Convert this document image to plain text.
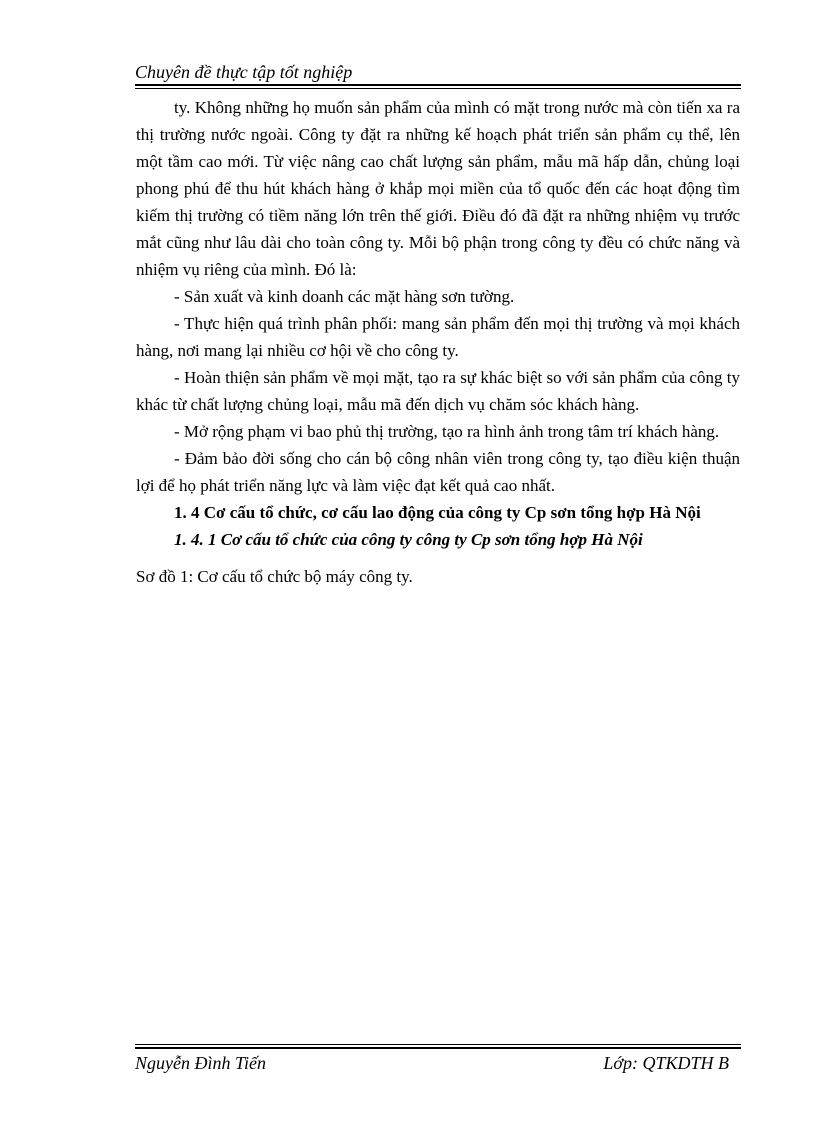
Chuyên đề thực tập tốt nghiệp

ty. Không những họ muốn sản phẩm của mình có mặt trong nước mà còn tiến xa ra thị trường nước ngoài. Công ty đặt ra những kế hoạch phát triển sản phẩm cụ thể, lên một tầm cao mới. Từ việc nâng cao chất lượng sản phẩm, mẫu mã hấp dẫn, chủng loại phong phú để thu hút khách hàng ở khắp mọi miền của tổ quốc đến các hoạt động tìm kiếm thị trường có tiềm năng lớn trên thế giới. Điều đó đã đặt ra những nhiệm vụ trước mắt cũng như lâu dài cho toàn công ty. Mỗi bộ phận trong công ty đều có chức năng và nhiệm vụ riêng của mình. Đó là:

- Sản xuất và kinh doanh các mặt hàng sơn tường.

- Thực hiện quá trình phân phối: mang sản phẩm đến mọi thị trường và mọi khách hàng, nơi mang lại nhiều cơ hội về cho công ty.

- Hoàn thiện sản phẩm về mọi mặt, tạo ra sự khác biệt so với sản phẩm của công ty khác từ chất lượng chủng loại, mẫu mã đến dịch vụ chăm sóc khách hàng.

- Mở rộng phạm vi bao phủ thị trường, tạo ra hình ảnh trong tâm trí khách hàng.

- Đảm bảo đời sống cho cán bộ công nhân viên trong công ty, tạo điều kiện thuận lợi để họ phát triển năng lực và làm việc đạt kết quả cao nhất.

1. 4 Cơ cấu tổ chức, cơ cấu lao động của công ty Cp sơn tổng hợp Hà Nội

1. 4. 1 Cơ cấu tổ chức của công ty công ty Cp sơn tổng hợp Hà Nội

Sơ đồ 1: Cơ cấu tổ chức bộ máy công ty.

Nguyễn Đình Tiến	Lớp: QTKDTH B
